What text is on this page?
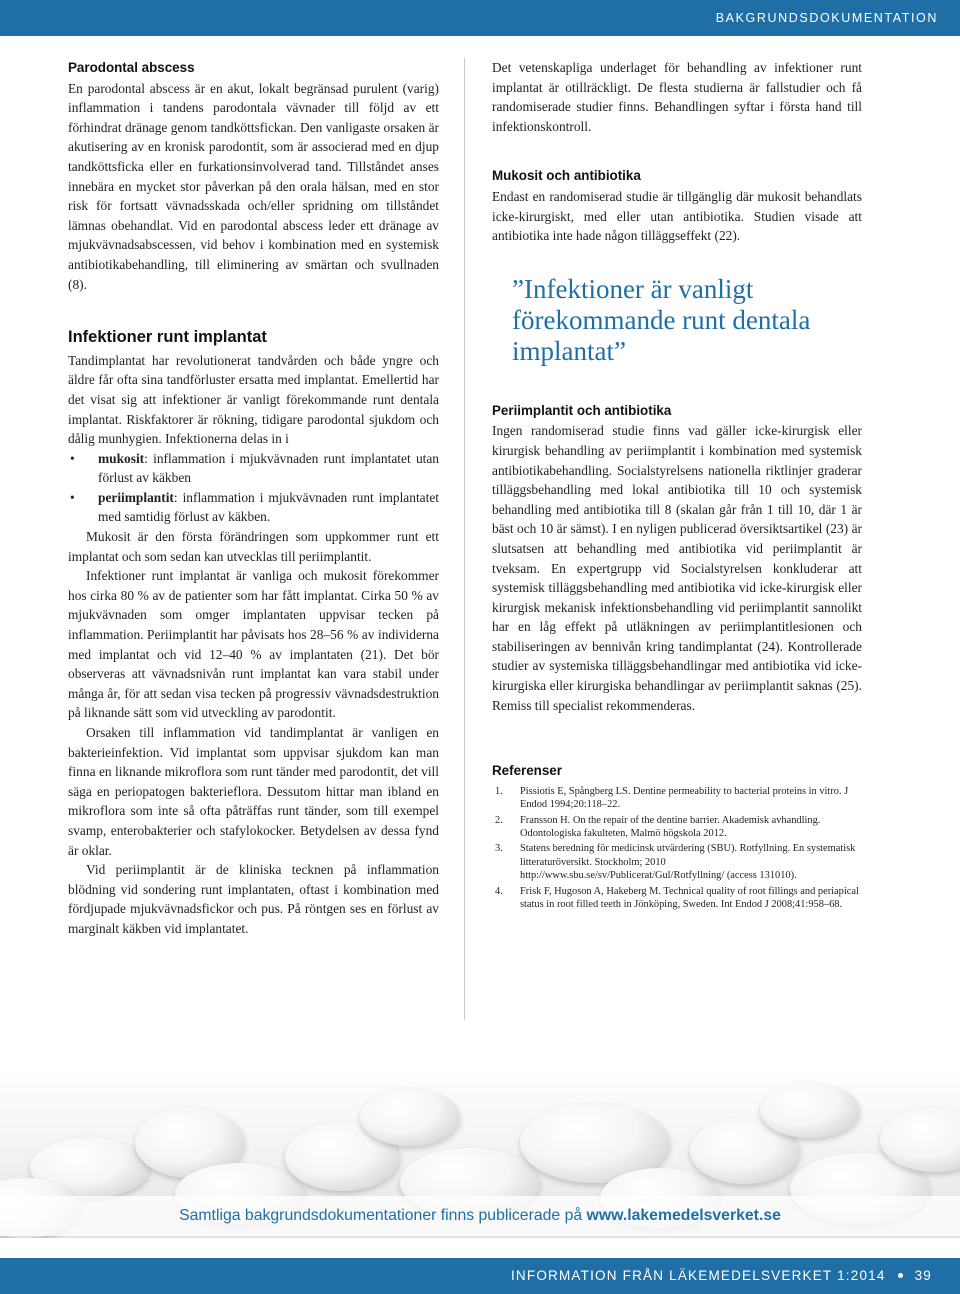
BAKGRUNDSDOKUMENTATION
Parodontal abscess

En parodontal abscess är en akut, lokalt begränsad purulent (varig) inflammation i tandens parodontala vävnader till följd av ett förhindrat dränage genom tandköttsfickan. Den vanligaste orsaken är akutisering av en kronisk parodontit, som är associerad med en djup tandköttsficka eller en furkationsinvolverad tand. Tillståndet anses innebära en mycket stor påverkan på den orala hälsan, med en stor risk för fortsatt vävnadsskada och/eller spridning om tillståndet lämnas obehandlat. Vid en parodontal abscess leder ett dränage av mjukvävnadsabscessen, vid behov i kombination med en systemisk antibiotikabehandling, till eliminering av smärtan och svullnaden (8).

Infektioner runt implantat

Tandimplantat har revolutionerat tandvården och både yngre och äldre får ofta sina tandförluster ersatta med implantat. Emellertid har det visat sig att infektioner är vanligt förekommande runt dentala implantat. Riskfaktorer är rökning, tidigare parodontal sjukdom och dålig munhygien. Infektionerna delas in i

• mukosit: inflammation i mjukvävnaden runt implantatet utan förlust av käkben
• periimplantit: inflammation i mjukvävnaden runt implantatet med samtidig förlust av käkben.

Mukosit är den första förändringen som uppkommer runt ett implantat och som sedan kan utvecklas till periimplantit.

Infektioner runt implantat är vanliga och mukosit förekommer hos cirka 80 % av de patienter som har fått implantat. Cirka 50 % av mjukvävnaden som omger implantaten uppvisar tecken på inflammation. Periimplantit har påvisats hos 28–56 % av individerna med implantat och vid 12–40 % av implantaten (21). Det bör observeras att vävnadsnivån runt implantat kan vara stabil under många år, för att sedan visa tecken på progressiv vävnadsdestruktion på liknande sätt som vid utveckling av parodontit.

Orsaken till inflammation vid tandimplantat är vanligen en bakterieinfektion. Vid implantat som uppvisar sjukdom kan man finna en liknande mikroflora som runt tänder med parodontit, det vill säga en periopatogen bakterieflora. Dessutom hittar man ibland en mikroflora som inte så ofta påträffas runt tänder, som till exempel svamp, enterobakterier och stafylokocker. Betydelsen av dessa fynd är oklar.

Vid periimplantit är de kliniska tecknen på inflammation blödning vid sondering runt implantaten, oftast i kombination med fördjupade mjukvävnadsfickor och pus. På röntgen ses en förlust av marginalt käkben vid implantatet.

Det vetenskapliga underlaget för behandling av infektioner runt implantat är otillräckligt. De flesta studierna är fallstudier och få randomiserade studier finns. Behandlingen syftar i första hand till infektionskontroll.

Mukosit och antibiotika

Endast en randomiserad studie är tillgänglig där mukosit behandlats icke-kirurgiskt, med eller utan antibiotika. Studien visade att antibiotika inte hade någon tilläggseffekt (22).

”Infektioner är vanligt förekommande runt dentala implantat”
Periimplantit och antibiotika

Ingen randomiserad studie finns vad gäller icke-kirurgisk eller kirurgisk behandling av periimplantit i kombination med systemisk antibiotikabehandling. Socialstyrelsens nationella riktlinjer graderar tilläggsbehandling med lokal antibiotika till 10 och systemisk behandling med antibiotika till 8 (skalan går från 1 till 10, där 1 är bäst och 10 är sämst). I en nyligen publicerad översiktsartikel (23) är slutsatsen att behandling med antibiotika vid periimplantit är tveksam. En expertgrupp vid Socialstyrelsen konkluderar att systemisk tilläggsbehandling med antibiotika vid icke-kirurgisk eller kirurgisk mekanisk infektionsbehandling vid periimplantit sannolikt har en låg effekt på utläkningen av periimplantitlesionen och stabiliseringen av bennivån kring tandimplantat (24). Kontrollerade studier av systemiska tilläggsbehandlingar med antibiotika vid icke-kirurgiska eller kirurgiska behandlingar av periimplantit saknas (25). Remiss till specialist rekommenderas.

Referenser
1. Pissiotis E, Spångberg LS. Dentine permeability to bacterial proteins in vitro. J Endod 1994;20:118–22.
2. Fransson H. On the repair of the dentine barrier. Akademisk avhandling. Odontologiska fakulteten, Malmö högskola 2012.
3. Statens beredning för medicinsk utvärdering (SBU). Rotfyllning. En systematisk litteraturöversikt. Stockholm; 2010 http://www.sbu.se/sv/Publicerat/Gul/Rotfyllning/ (access 131010).
4. Frisk F, Hugoson A, Hakeberg M. Technical quality of root fillings and periapical status in root filled teeth in Jönköping, Sweden. Int Endod J 2008;41:958–68.
Samtliga bakgrundsdokumentationer finns publicerade på www.lakemedelsverket.se
INFORMATION FRÅN LÄKEMEDELSVERKET 1:2014 39
